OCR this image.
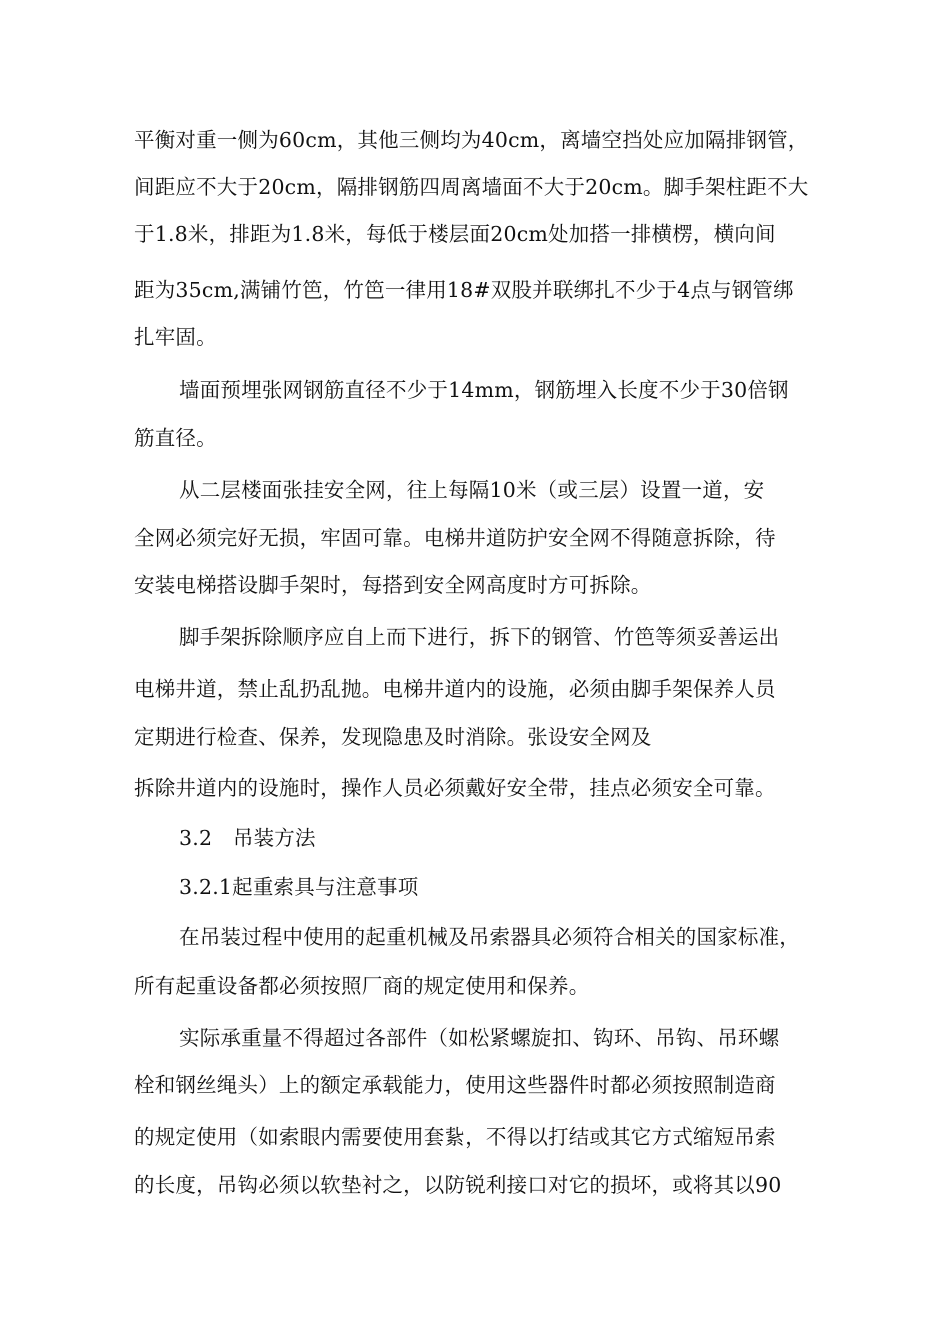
平衡对重一侧为60cm，其他三侧均为40cm，离墙空挡处应加隔排钢管，
间距应不大于20cm，隔排钢筋四周离墙面不大于20cm。脚手架柱距不大
于1.8米，排距为1.8米，每低于楼层面20cm处加搭一排横楞，横向间
距为35cm,满铺竹笆，竹笆一律用18#双股并联绑扎不少于4点与钢管绑
扎牢固。
墙面预埋张网钢筋直径不少于14mm，钢筋埋入长度不少于30倍钢
筋直径。
从二层楼面张挂安全网，往上每隔10米（或三层）设置一道，安
全网必须完好无损，牢固可靠。电梯井道防护安全网不得随意拆除，待
安装电梯搭设脚手架时，每搭到安全网高度时方可拆除。
脚手架拆除顺序应自上而下进行，拆下的钢管、竹笆等须妥善运出
电梯井道，禁止乱扔乱抛。电梯井道内的设施，必须由脚手架保养人员
定期进行检查、保养，发现隐患及时消除。张设安全网及
拆除井道内的设施时，操作人员必须戴好安全带，挂点必须安全可靠。
3.2　吊装方法
3.2.1起重索具与注意事项
在吊装过程中使用的起重机械及吊索器具必须符合相关的国家标准，
所有起重设备都必须按照厂商的规定使用和保养。
实际承重量不得超过各部件（如松紧螺旋扣、钩环、吊钩、吊环螺
栓和钢丝绳头）上的额定承载能力，使用这些器件时都必须按照制造商
的规定使用（如索眼内需要使用套紥，不得以打结或其它方式缩短吊索
的长度，吊钩必须以软垫衬之，以防锐利接口对它的损坏，或将其以90
